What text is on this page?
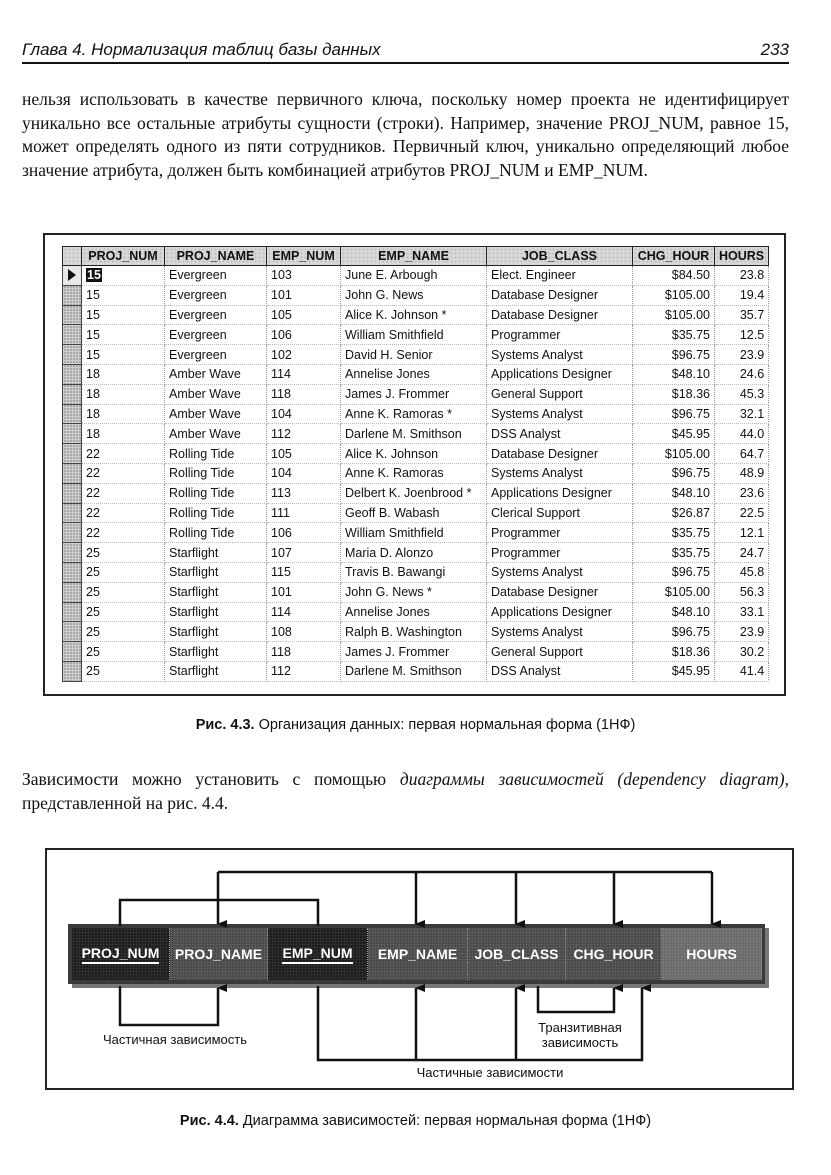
Глава 4. Нормализация таблиц базы данных	233

нельзя использовать в качестве первичного ключа, поскольку номер проекта не идентифицирует уникально все остальные атрибуты сущности (строки). Например, значение PROJ_NUM, равное 15, может определять одного из пяти сотрудников. Первичный ключ, уникально определяющий любое значение атрибута, должен быть комбинацией атрибутов PROJ_NUM и EMP_NUM.

	PROJ_NUM	PROJ_NAME	EMP_NUM	EMP_NAME	JOB_CLASS	CHG_HOUR	HOURS

	15	Evergreen	103	June E. Arbough	Elect. Engineer	$84.50	23.8
	15	Evergreen	101	John G. News	Database Designer	$105.00	19.4
	15	Evergreen	105	Alice K. Johnson *	Database Designer	$105.00	35.7
	15	Evergreen	106	William Smithfield	Programmer	$35.75	12.5
	15	Evergreen	102	David H. Senior	Systems Analyst	$96.75	23.9
	18	Amber Wave	114	Annelise Jones	Applications Designer	$48.10	24.6
	18	Amber Wave	118	James J. Frommer	General Support	$18.36	45.3
	18	Amber Wave	104	Anne K. Ramoras *	Systems Analyst	$96.75	32.1
	18	Amber Wave	112	Darlene M. Smithson	DSS Analyst	$45.95	44.0
	22	Rolling Tide	105	Alice K. Johnson	Database Designer	$105.00	64.7
	22	Rolling Tide	104	Anne K. Ramoras	Systems Analyst	$96.75	48.9
	22	Rolling Tide	113	Delbert K. Joenbrood *	Applications Designer	$48.10	23.6
	22	Rolling Tide	111	Geoff B. Wabash	Clerical Support	$26.87	22.5
	22	Rolling Tide	106	William Smithfield	Programmer	$35.75	12.1
	25	Starflight	107	Maria D. Alonzo	Programmer	$35.75	24.7
	25	Starflight	115	Travis B. Bawangi	Systems Analyst	$96.75	45.8
	25	Starflight	101	John G. News *	Database Designer	$105.00	56.3
	25	Starflight	114	Annelise Jones	Applications Designer	$48.10	33.1
	25	Starflight	108	Ralph B. Washington	Systems Analyst	$96.75	23.9
	25	Starflight	118	James J. Frommer	General Support	$18.36	30.2
	25	Starflight	112	Darlene M. Smithson	DSS Analyst	$45.95	41.4
Рис. 4.3. Организация данных: первая нормальная форма (1НФ)

Зависимости можно установить с помощью диаграммы зависимостей (dependency diagram), представленной на рис. 4.4.

PROJ_NUM PROJ_NAME EMP_NUM EMP_NAME JOB_CLASS CHG_HOUR HOURS
Частичная зависимость
Транзитивная
зависимость
Частичные зависимости
Рис. 4.4. Диаграмма зависимостей: первая нормальная форма (1НФ)
